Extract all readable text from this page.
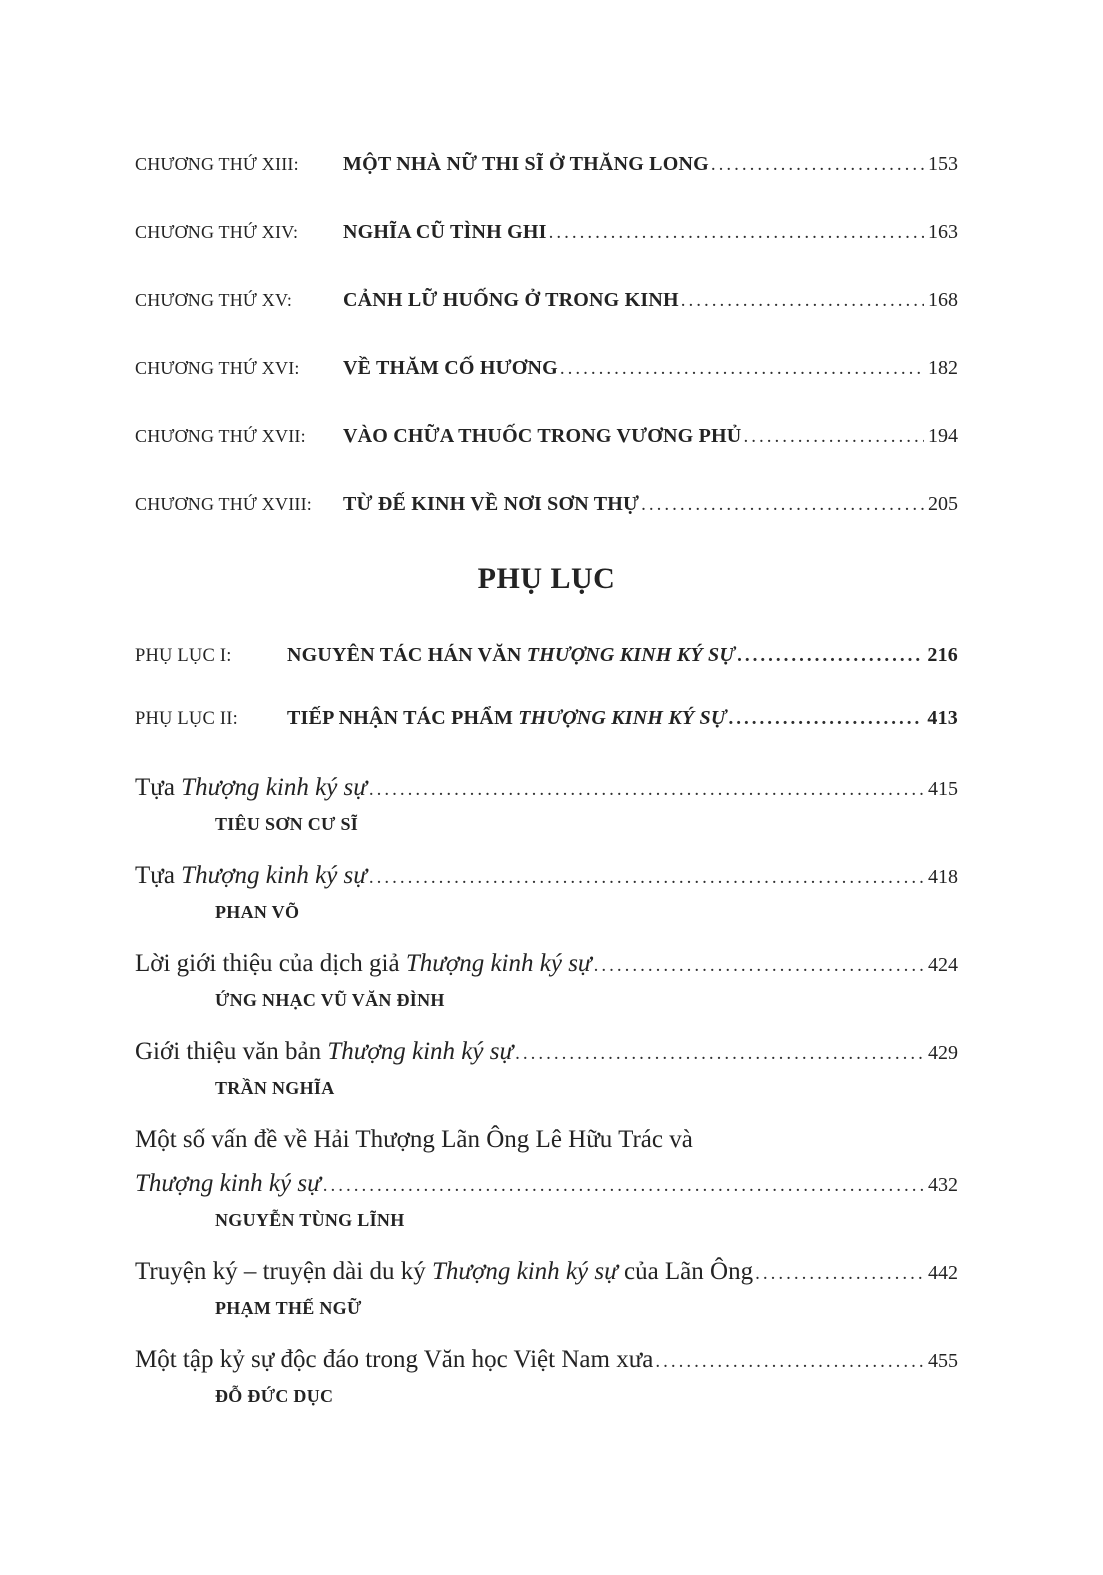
CHƯƠNG THỨ XIII:	MỘT NHÀ NỮ THI SĨ Ở THĂNG LONG .....	153
CHƯƠNG THỨ XIV:	NGHĨA CŨ TÌNH GHI .....	163
CHƯƠNG THỨ XV:	CẢNH LỮ HUỐNG Ở TRONG KINH .....	168
CHƯƠNG THỨ XVI:	VỀ THĂM CỐ HƯƠNG .....	182
CHƯƠNG THỨ XVII:	VÀO CHỮA THUỐC TRONG VƯƠNG PHỦ .....	194
CHƯƠNG THỨ XVIII:	TỪ ĐẾ KINH VỀ NƠI SƠN THỰ .....	205
PHỤ LỤC
PHỤ LỤC I:	NGUYÊN TÁC HÁN VĂN THƯỢNG KINH KÝ SỰ .....	216
PHỤ LỤC II:	TIẾP NHẬN TÁC PHẨM THƯỢNG KINH KÝ SỰ .....	413
Tựa Thượng kinh ký sự .....	415
TIÊU SƠN CƯ SĨ
Tựa Thượng kinh ký sự .....	418
PHAN VÕ
Lời giới thiệu của dịch giả Thượng kinh ký sự .....	424
ỨNG NHẠC VŨ VĂN ĐÌNH
Giới thiệu văn bản Thượng kinh ký sự .....	429
TRẦN NGHĨA
Một số vấn đề về Hải Thượng Lãn Ông Lê Hữu Trác và
Thượng kinh ký sự .....	432
NGUYỄN TÙNG LĨNH
Truyện ký – truyện dài du ký Thượng kinh ký sự của Lãn Ông .....	442
PHẠM THẾ NGỮ
Một tập kỷ sự độc đáo trong Văn học Việt Nam xưa .....	455
ĐỖ ĐỨC DỤC
